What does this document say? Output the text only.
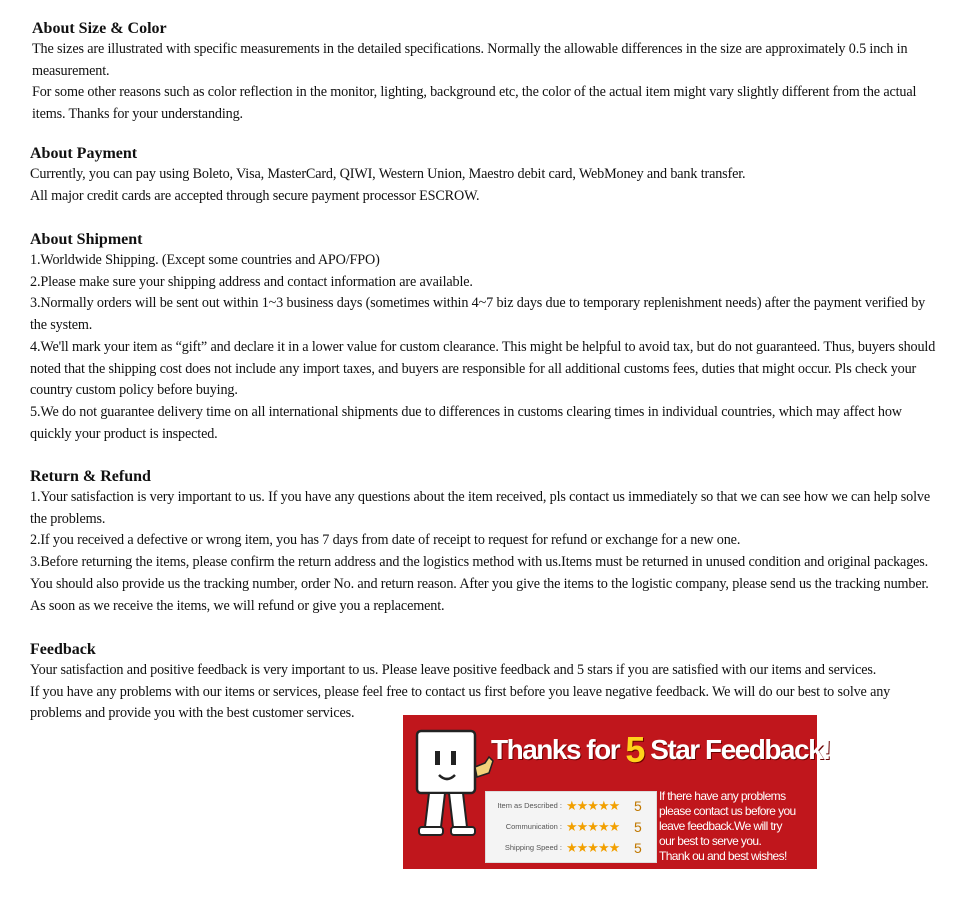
About Size & Color

The sizes are illustrated with specific measurements in the detailed specifications. Normally the allowable differences in the size are approximately 0.5 inch in measurement.

For some other reasons such as color reflection in the monitor, lighting, background etc, the color of the actual item might vary slightly different from the actual items. Thanks for your understanding.

About Payment

Currently, you can pay using Boleto, Visa, MasterCard, QIWI, Western Union, Maestro debit card, WebMoney and bank transfer.

All major credit cards are accepted through secure payment processor ESCROW.

About Shipment

1.Worldwide Shipping. (Except some countries and APO/FPO)

2.Please make sure your shipping address and contact information are available.

3.Normally orders will be sent out within 1~3 business days (sometimes within 4~7 biz days due to temporary replenishment needs) after the payment verified by the system.

4.We'll mark your item as “gift” and declare it in a lower value for custom clearance. This might be helpful to avoid tax, but do not guaranteed. Thus, buyers should noted that the shipping cost does not include any import taxes, and buyers are responsible for all additional customs fees, duties that might occur. Pls check your country custom policy before buying.

5.We do not guarantee delivery time on all international shipments due to differences in customs clearing times in individual countries, which may affect how quickly your product is inspected.

Return & Refund

1.Your satisfaction is very important to us. If you have any questions about the item received, pls contact us immediately so that we can see how we can help solve the problems.

2.If you received a defective or wrong item, you has 7 days from date of receipt to request for refund or exchange for a new one.

3.Before returning the items, please confirm the return address and the logistics method with us.Items must be returned in unused condition and original packages. You should also provide us the tracking number, order No. and return reason. After you give the items to the logistic company, please send us the tracking number. As soon as we receive the items, we will refund or give you a replacement.

Feedback

Your satisfaction and positive feedback is very important to us. Please leave positive feedback and 5 stars if you are satisfied with our items and services.

If you have any problems with our items or services, please feel free to contact us first before you leave negative feedback. We will do our best to solve any problems and provide you with the best customer services.

Thanks for 5 Star Feedback!
Item as Described : ★★★★★ 5
Communication : ★★★★★ 5
Shipping Speed : ★★★★★ 5
If there have any problems
please contact us before you
leave feedback.We will try
our best to serve you.
Thank ou and best wishes!
